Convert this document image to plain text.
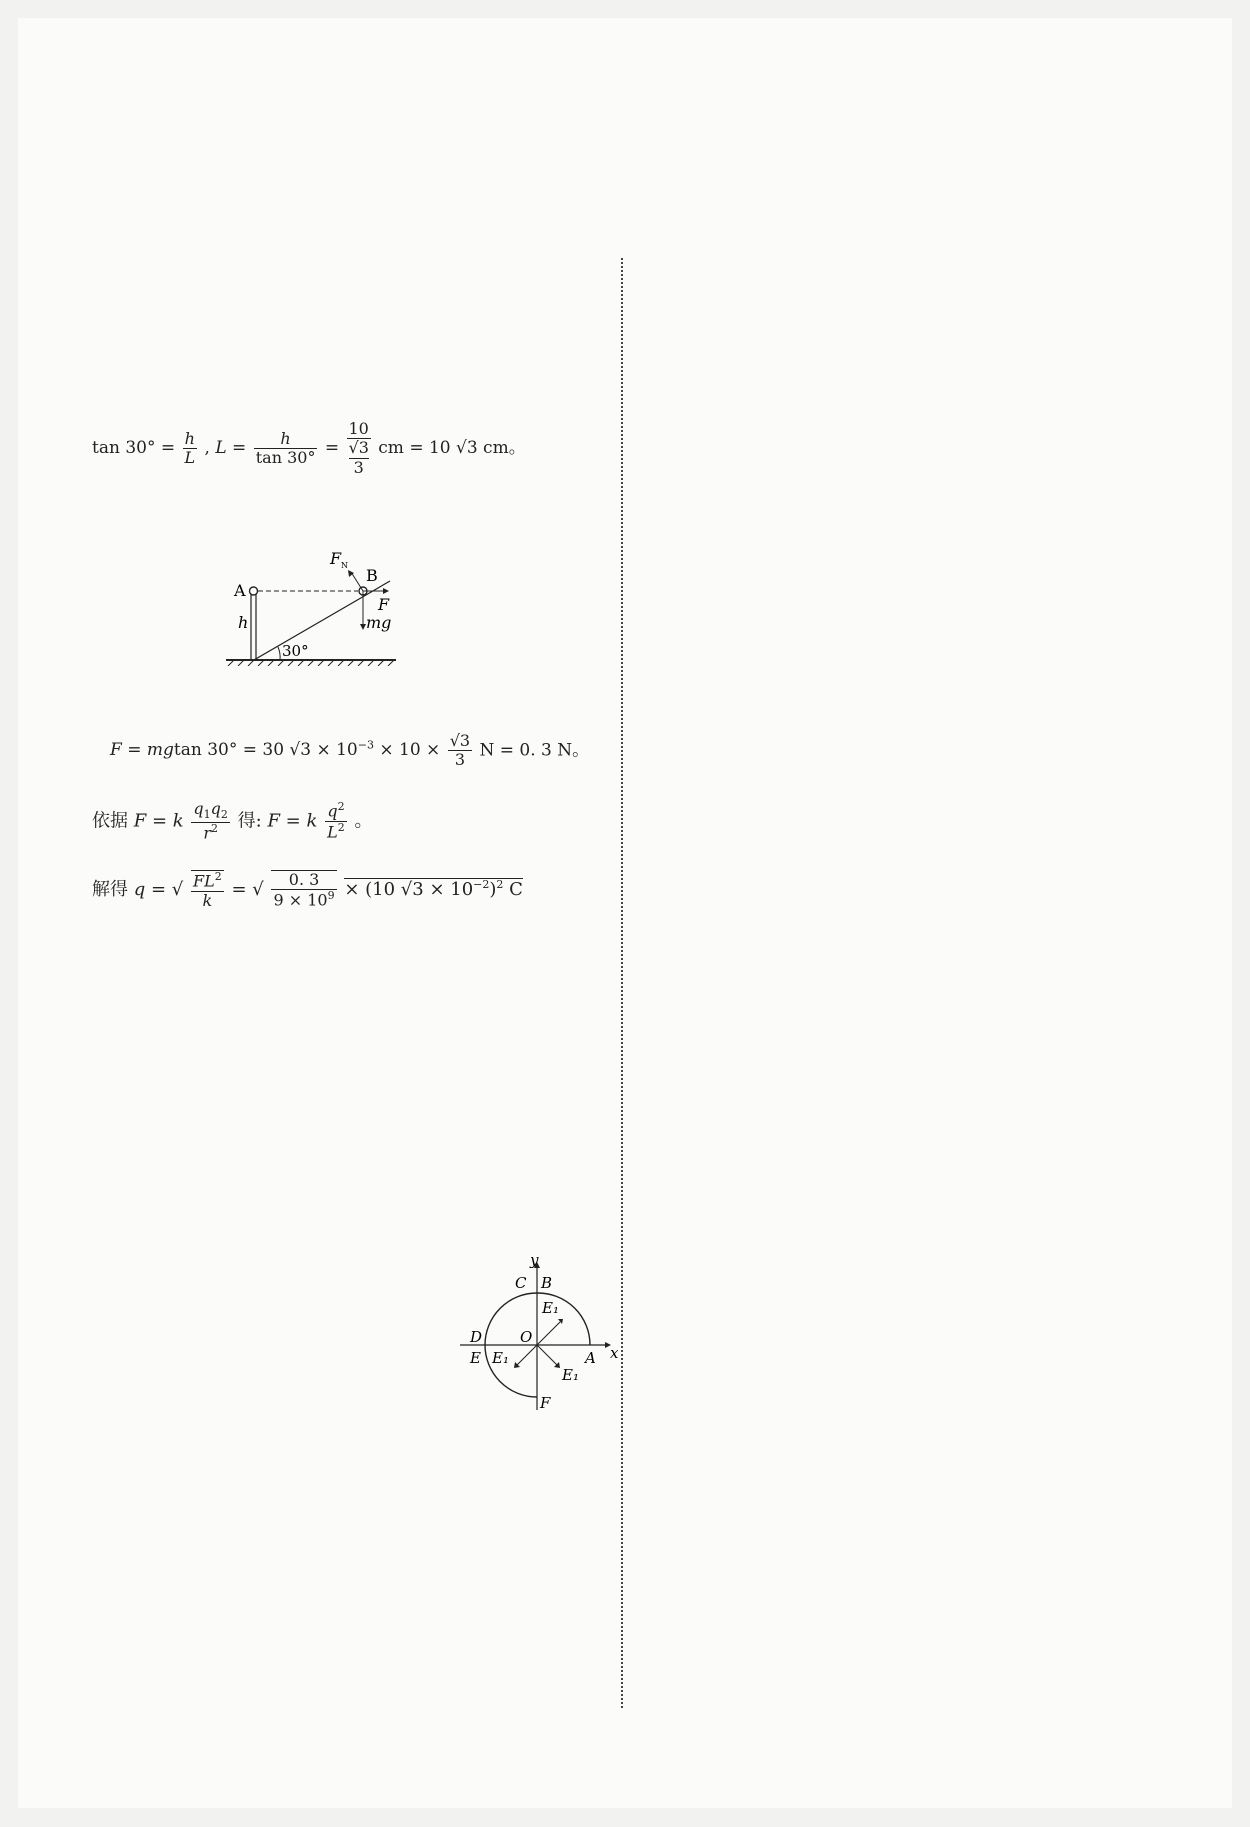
$\tan 30^\circ = \frac{h}{L}$ , $L = \frac{h}{\tan 30^\circ}$ =
10
√3
3
cm = 10 √3 cm。
A
B
F N
F
mg
h
30°
F = mgtan 30° = 30 $√3 \times 10^{-3} \times 10 \times \frac{√3}{3}$ N = 0. 3 N。
依据 F = k $\frac{q_1q_2}{r^2}$ 得: F = k $\frac{q^2}{L^2}$ 。
解得 q = √ $\frac{FL^2}{k}$ = √ $\frac{0. 3}{9 \times 10^9} \times (10$ $√3 \times 10^{-2})^2$ C
y
x
C B
E₁
O
D
E E₁	A
E₁
F
